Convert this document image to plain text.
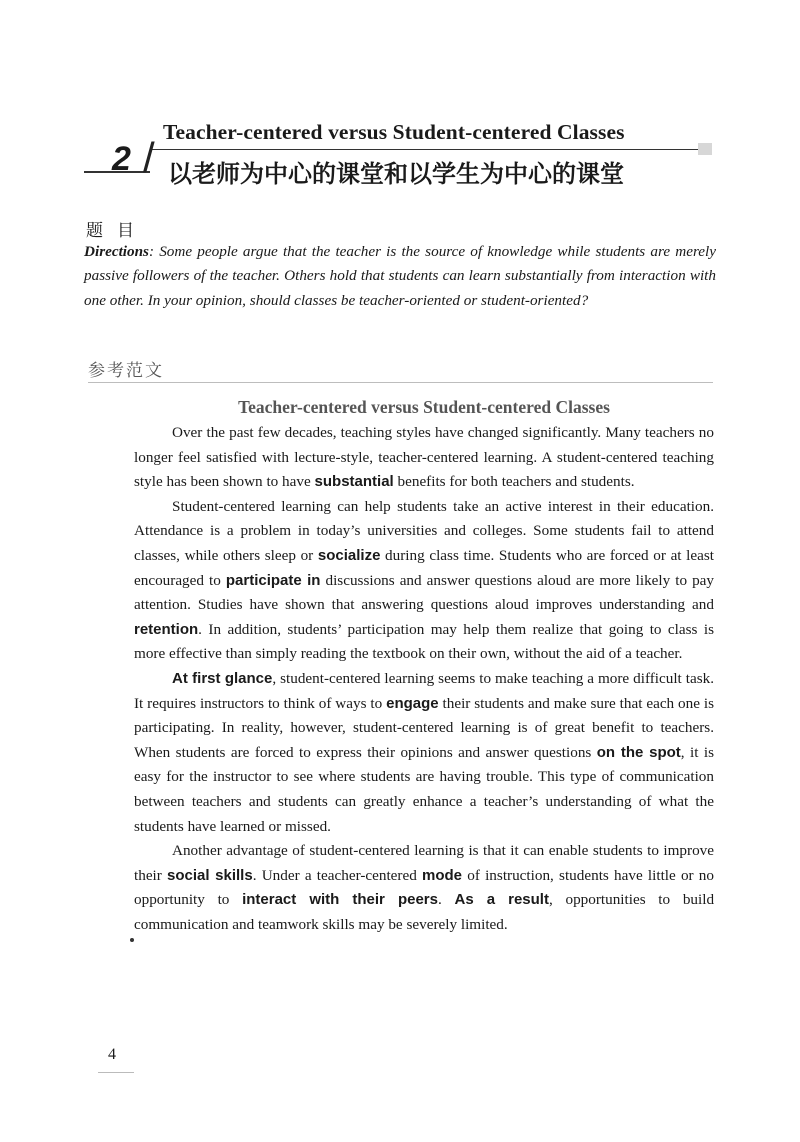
Teacher-centered versus Student-centered Classes
2 / 以老师为中心的课堂和以学生为中心的课堂
题目
Directions: Some people argue that the teacher is the source of knowledge while students are merely passive followers of the teacher. Others hold that students can learn substantially from interaction with one other. In your opinion, should classes be teacher-oriented or student-oriented?
参考范文
Teacher-centered versus Student-centered Classes

Over the past few decades, teaching styles have changed significantly. Many teachers no longer feel satisfied with lecture-style, teacher-centered learning. A student-centered teaching style has been shown to have substantial benefits for both teachers and students.

Student-centered learning can help students take an active interest in their education. Attendance is a problem in today’s universities and colleges. Some students fail to attend classes, while others sleep or socialize during class time. Students who are forced or at least encouraged to participate in discussions and answer questions aloud are more likely to pay attention. Studies have shown that answering questions aloud improves understanding and retention. In addition, students’ participation may help them realize that going to class is more effective than simply reading the textbook on their own, without the aid of a teacher.

At first glance, student-centered learning seems to make teaching a more difficult task. It requires instructors to think of ways to engage their students and make sure that each one is participating. In reality, however, student-centered learning is of great benefit to teachers. When students are forced to express their opinions and answer questions on the spot, it is easy for the instructor to see where students are having trouble. This type of communication between teachers and students can greatly enhance a teacher’s understanding of what the students have learned or missed.

Another advantage of student-centered learning is that it can enable students to improve their social skills. Under a teacher-centered mode of instruction, students have little or no opportunity to interact with their peers. As a result, opportunities to build communication and teamwork skills may be severely limited.

4
